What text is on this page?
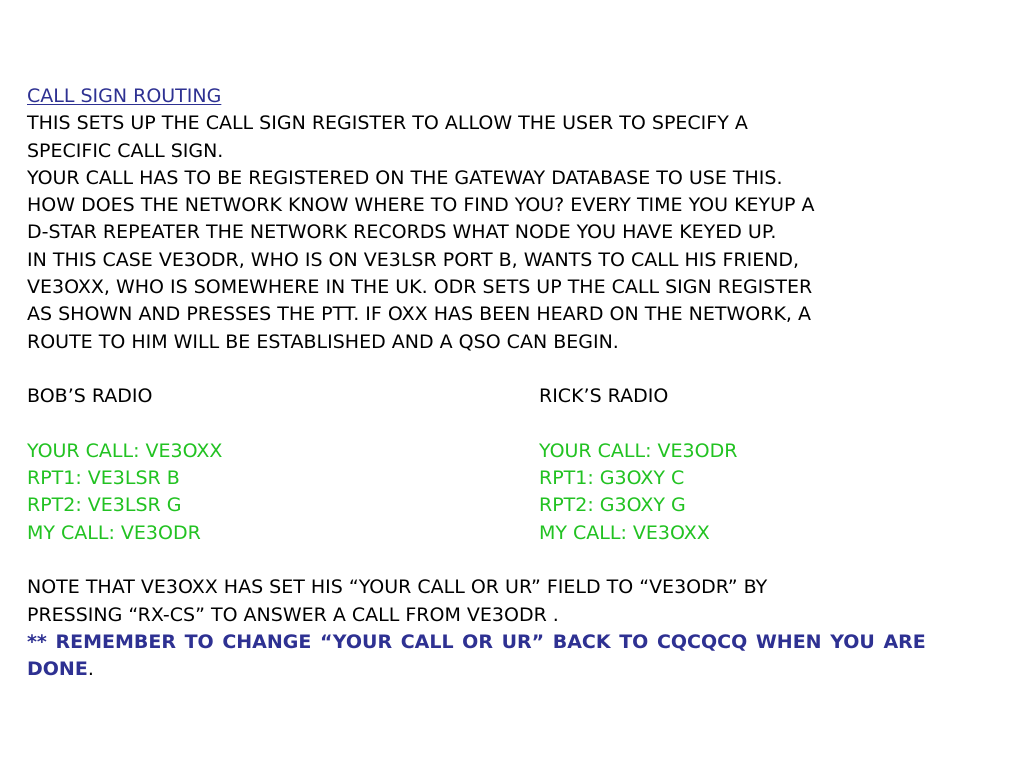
CALL SIGN ROUTING
THIS SETS UP THE CALL SIGN REGISTER TO ALLOW THE USER TO SPECIFY A
SPECIFIC CALL SIGN.
YOUR CALL HAS TO BE REGISTERED ON THE GATEWAY DATABASE TO USE THIS.
HOW DOES THE NETWORK KNOW WHERE TO FIND YOU? EVERY TIME YOU KEYUP A
D-STAR REPEATER THE NETWORK RECORDS WHAT NODE YOU HAVE KEYED UP.
IN THIS CASE VE3ODR, WHO IS ON VE3LSR PORT B, WANTS TO CALL HIS FRIEND,
VE3OXX, WHO IS SOMEWHERE IN THE UK. ODR SETS UP THE CALL SIGN REGISTER
AS SHOWN AND PRESSES THE PTT. IF OXX HAS BEEN HEARD ON THE NETWORK, A
ROUTE TO HIM WILL BE ESTABLISHED AND A QSO CAN BEGIN.
BOB’S RADIO
YOUR CALL: VE3OXX
RPT1: VE3LSR B
RPT2: VE3LSR G
MY CALL: VE3ODR
RICK’S RADIO
YOUR CALL: VE3ODR
RPT1: G3OXY C
RPT2: G3OXY G
MY CALL: VE3OXX
NOTE THAT VE3OXX HAS SET HIS “YOUR CALL OR UR” FIELD TO “VE3ODR” BY
PRESSING “RX-CS” TO ANSWER A CALL FROM VE3ODR .
** REMEMBER TO CHANGE “YOUR CALL OR UR” BACK TO CQCQCQ WHEN YOU ARE
DONE.
